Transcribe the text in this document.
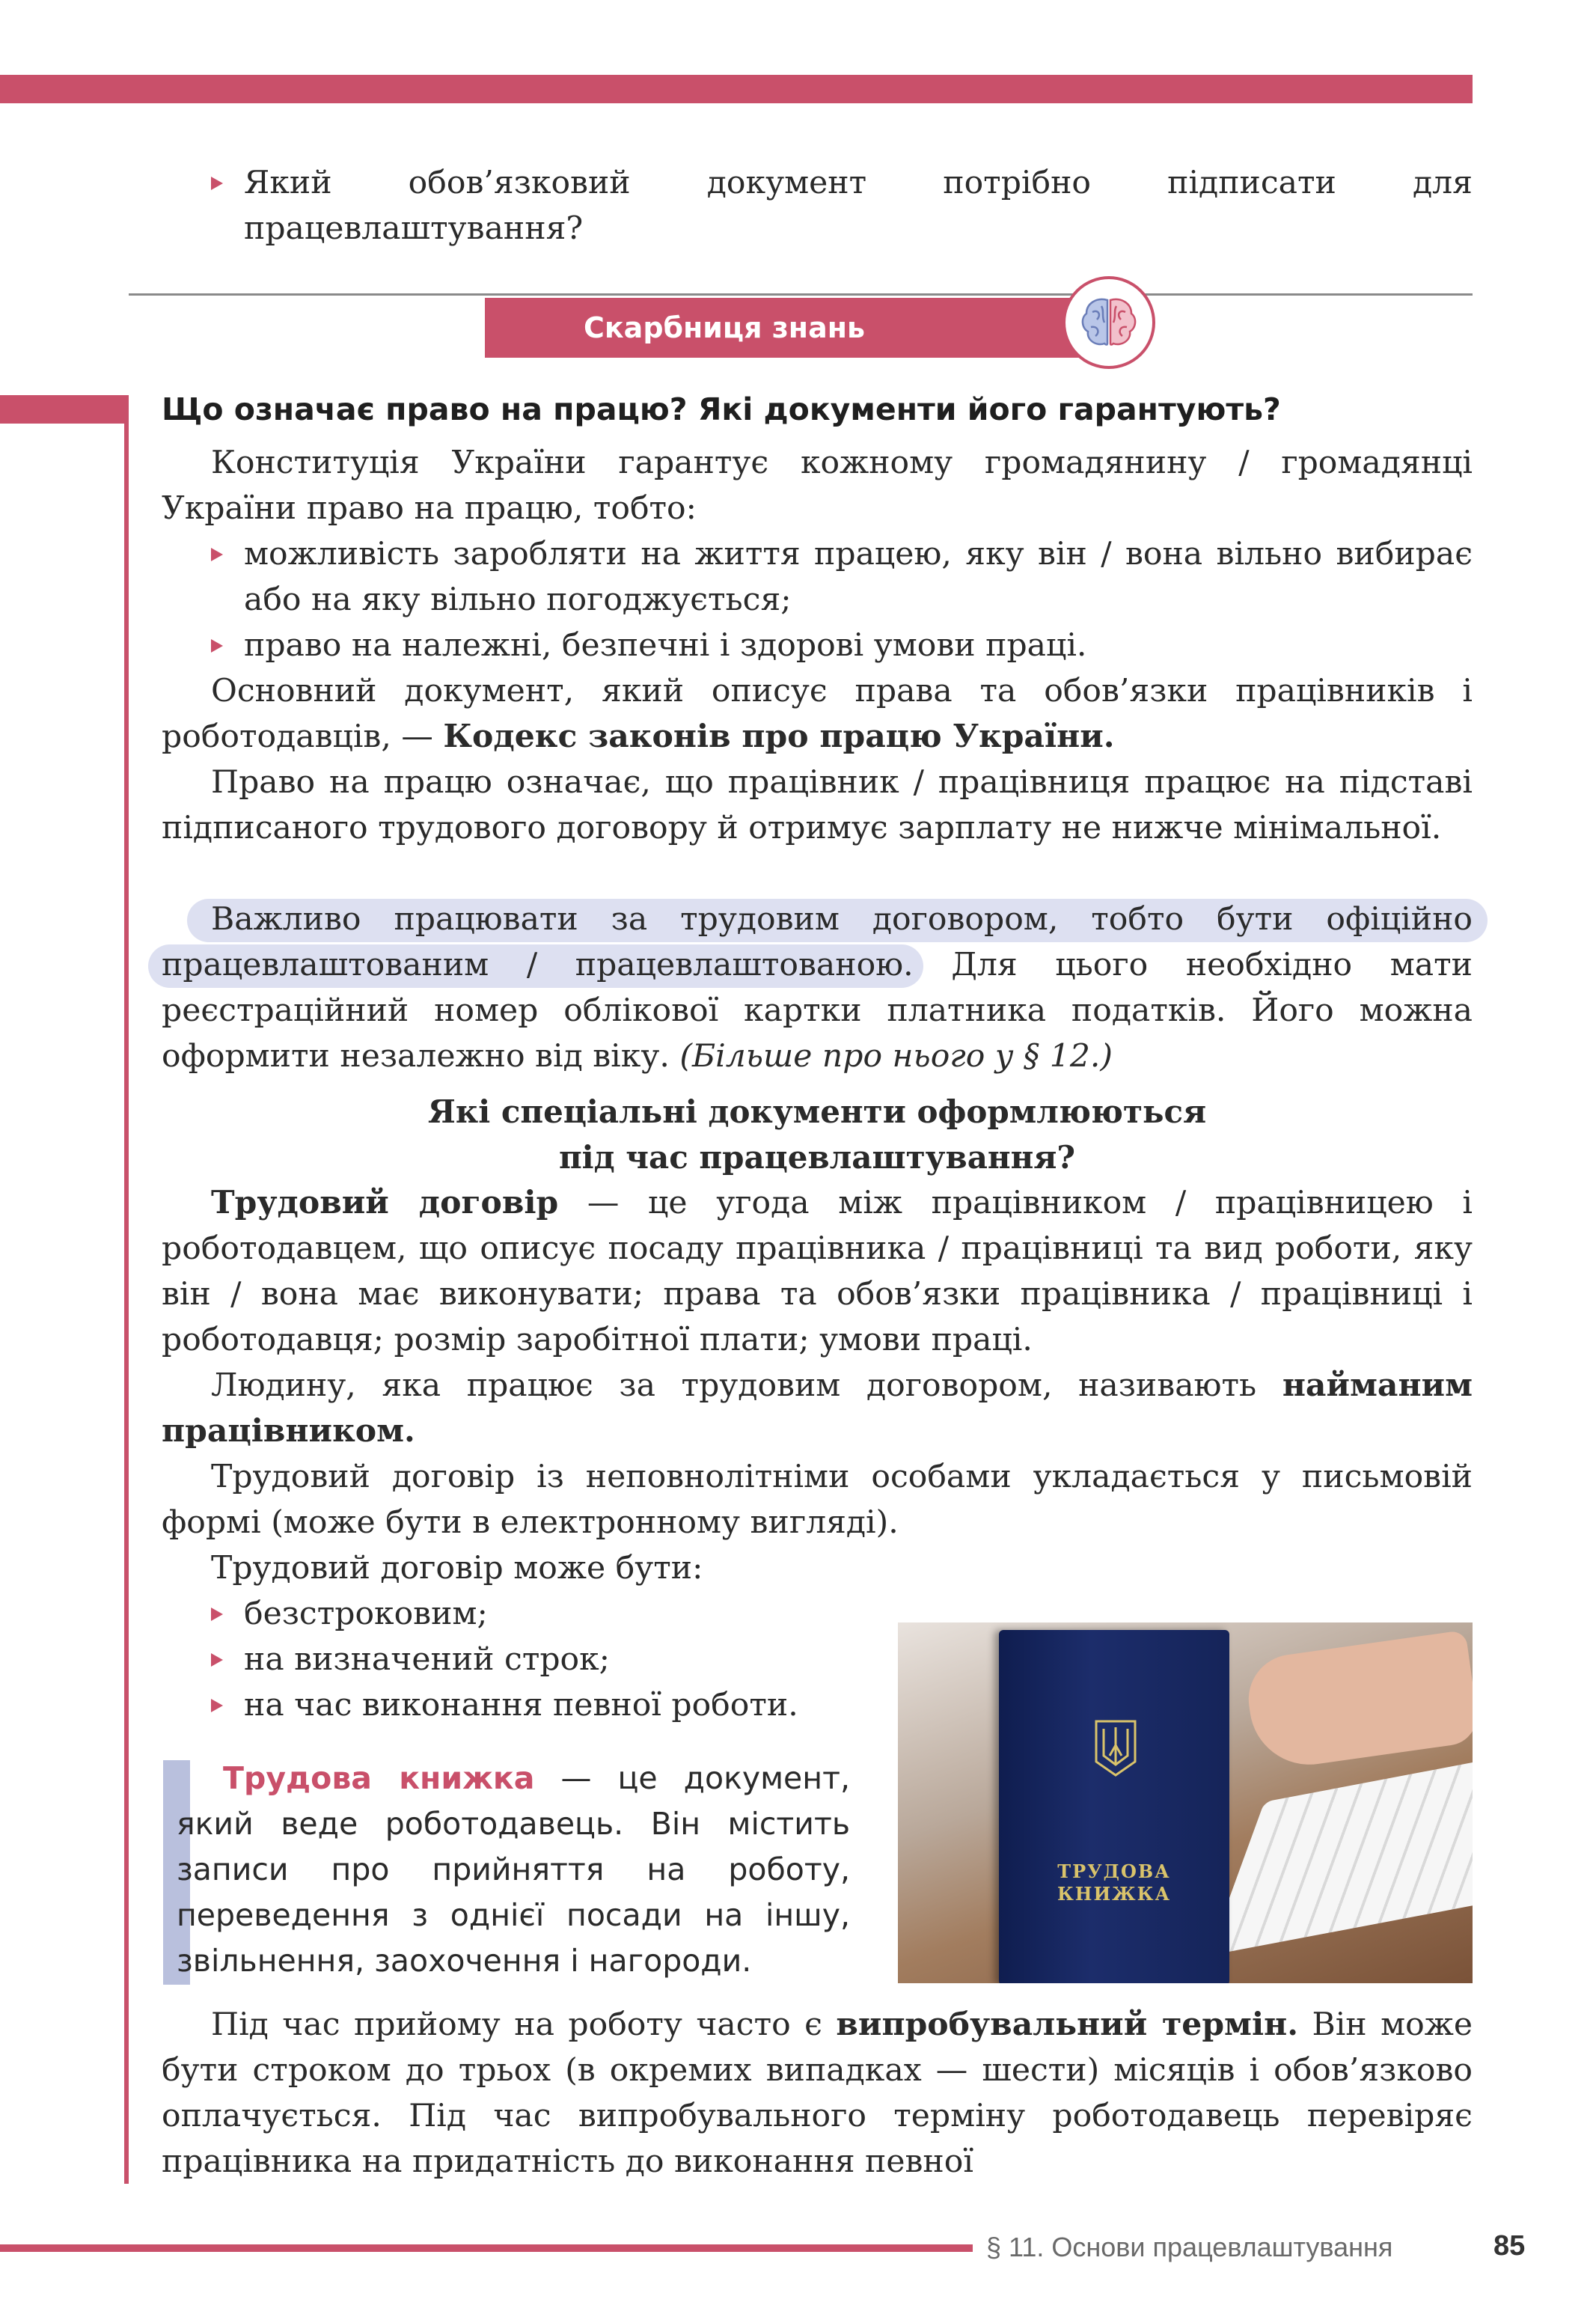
Який обов’язковий документ потрібно підписати для працевлаштування?
Скарбниця знань
Що означає право на працю? Які документи його гарантують?
Конституція України гарантує кожному громадянину / громадянці України право на працю, тобто:
можливість заробляти на життя працею, яку він / вона вільно вибирає або на яку вільно погоджується;
право на належні, безпечні і здорові умови праці.
Основний документ, який описує права та обов’язки працівників і роботодавців, — Кодекс законів про працю України.
Право на працю означає, що працівник / працівниця працює на підставі підписаного трудового договору й отримує зарплату не нижче мінімальної.
Важливо працювати за трудовим договором, тобто бути офіційно працевлаштованим / працевлаштованою. Для цього необхідно мати реєстраційний номер облікової картки платника податків. Його можна оформити незалежно від віку. (Більше про нього у § 12.)
Які спеціальні документи оформлюються
під час працевлаштування?
Трудовий договір — це угода між працівником / працівницею і роботодавцем, що описує посаду працівника / працівниці та вид роботи, яку він / вона має виконувати; права та обов’язки працівника / працівниці і роботодавця; розмір заробітної плати; умови праці.
Людину, яка працює за трудовим договором, називають найманим працівником.
Трудовий договір із неповнолітніми особами укладається у письмовій формі (може бути в електронному вигляді).
Трудовий договір може бути:
безстроковим;
на визначений строк;
на час виконання певної роботи.
Трудова книжка — це документ, який веде роботодавець. Він містить записи про прийняття на роботу, переведення з однієї посади на іншу, звільнення, заохочення і нагороди.
ТРУДОВА
КНИЖКА
Під час прийому на роботу часто є випробувальний термін. Він може бути строком до трьох (в окремих випадках — шести) місяців і обов’язково оплачується. Під час випробувального терміну роботодавець перевіряє працівника на придатність до виконання певної
§ 11. Основи працевлаштування	85
